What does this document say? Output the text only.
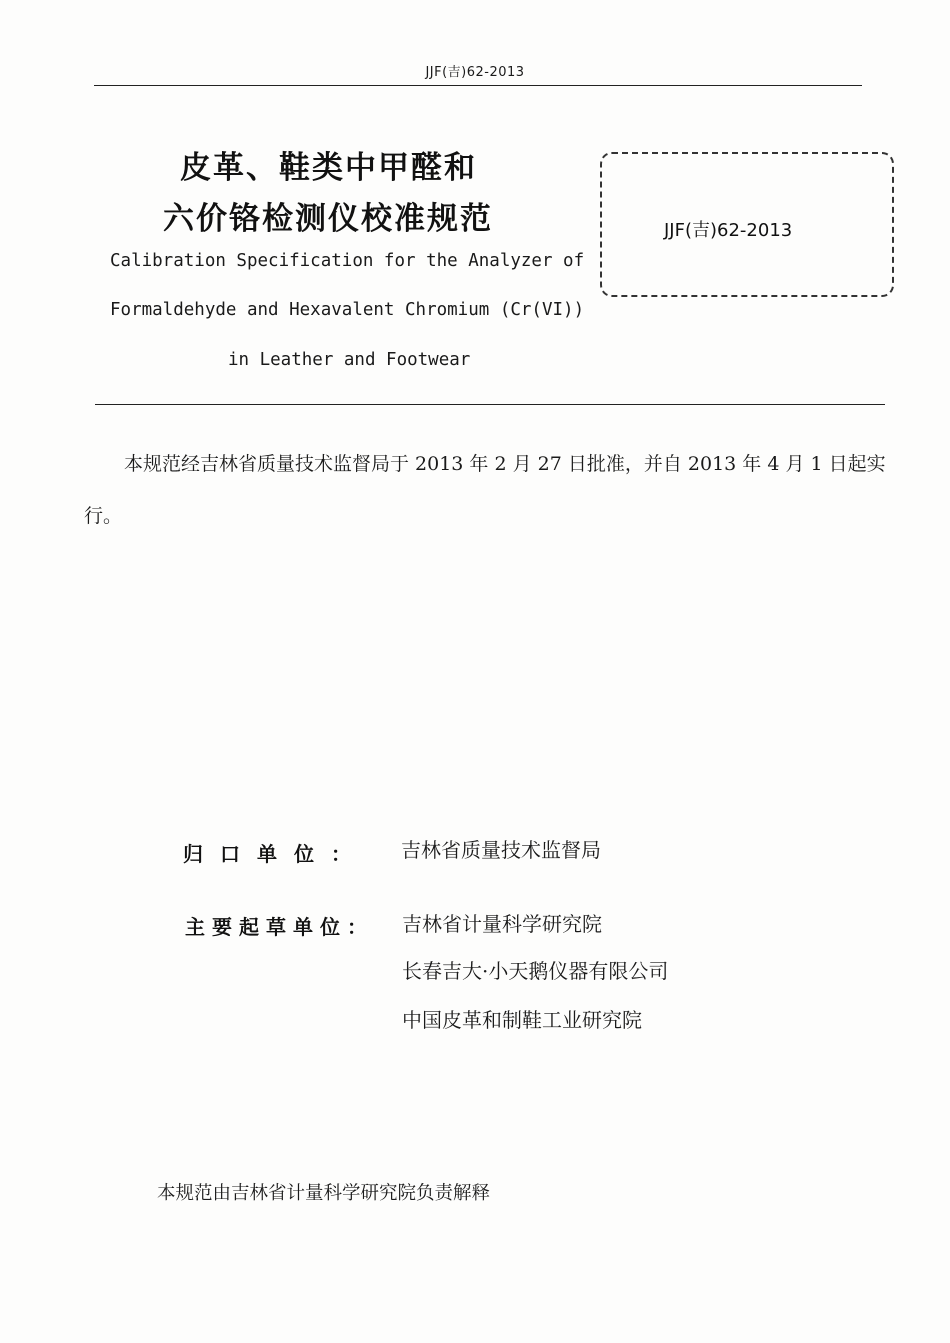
JJF(吉)62-2013
皮革、鞋类中甲醛和
六价铬检测仪校准规范	JJF(吉)62-2013
Calibration Specification for the Analyzer of
Formaldehyde and Hexavalent Chromium (Cr(VI))
in Leather and Footwear
本规范经吉林省质量技术监督局于 2013 年 2 月 27 日批准，并自 2013 年 4 月 1 日起实行。
归口单位： 吉林省质量技术监督局
主要起草单位： 吉林省计量科学研究院
长春吉大·小天鹅仪器有限公司
中国皮革和制鞋工业研究院
本规范由吉林省计量科学研究院负责解释
